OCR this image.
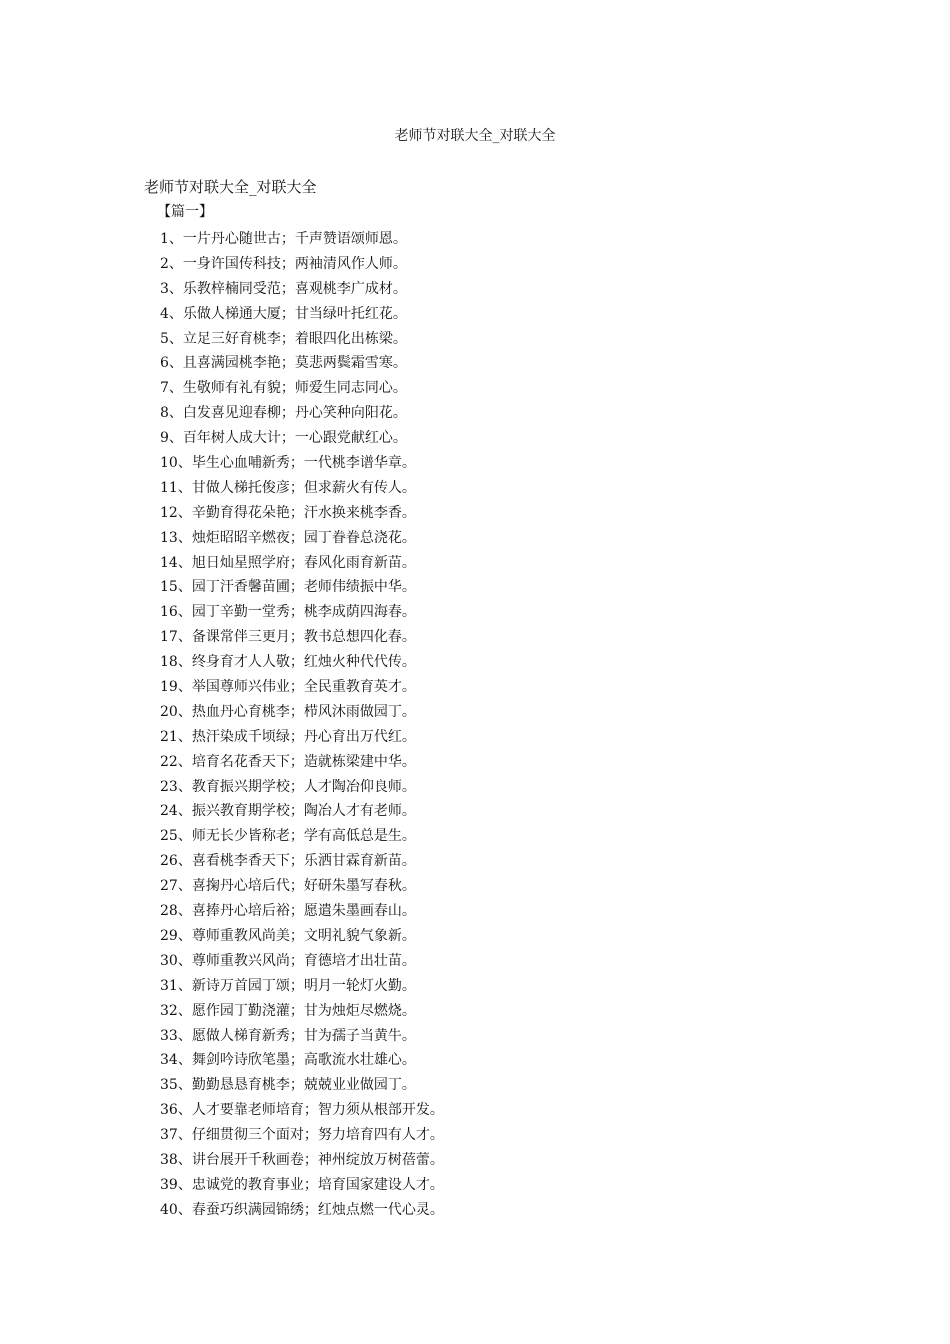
老师节对联大全_对联大全
老师节对联大全_对联大全
【篇一】
1、一片丹心随世古；千声赞语颂师恩。
2、一身许国传科技；两袖清风作人师。
3、乐教梓楠同受范；喜观桃李广成材。
4、乐做人梯通大厦；甘当绿叶托红花。
5、立足三好育桃李；着眼四化出栋梁。
6、且喜满园桃李艳；莫悲两鬓霜雪寒。
7、生敬师有礼有貌；师爱生同志同心。
8、白发喜见迎春柳；丹心笑种向阳花。
9、百年树人成大计；一心跟党献红心。
10、毕生心血哺新秀；一代桃李谱华章。
11、甘做人梯托俊彦；但求薪火有传人。
12、辛勤育得花朵艳；汗水换来桃李香。
13、烛炬昭昭辛燃夜；园丁眷眷总浇花。
14、旭日灿星照学府；春风化雨育新苗。
15、园丁汗香馨苗圃；老师伟绩振中华。
16、园丁辛勤一堂秀；桃李成荫四海春。
17、备课常伴三更月；教书总想四化春。
18、终身育才人人敬；红烛火种代代传。
19、举国尊师兴伟业；全民重教育英才。
20、热血丹心育桃李；栉风沐雨做园丁。
21、热汗染成千顷绿；丹心育出万代红。
22、培育名花香天下；造就栋梁建中华。
23、教育振兴期学校；人才陶冶仰良师。
24、振兴教育期学校；陶冶人才有老师。
25、师无长少皆称老；学有高低总是生。
26、喜看桃李香天下；乐洒甘霖育新苗。
27、喜掬丹心培后代；好研朱墨写春秋。
28、喜捧丹心培后裕；愿遣朱墨画春山。
29、尊师重教风尚美；文明礼貌气象新。
30、尊师重教兴风尚；育德培才出壮苗。
31、新诗万首园丁颂；明月一轮灯火勤。
32、愿作园丁勤浇灌；甘为烛炬尽燃烧。
33、愿做人梯育新秀；甘为孺子当黄牛。
34、舞剑吟诗欣笔墨；高歌流水壮雄心。
35、勤勤恳恳育桃李；兢兢业业做园丁。
36、人才要靠老师培育；智力须从根部开发。
37、仔细贯彻三个面对；努力培育四有人才。
38、讲台展开千秋画卷；神州绽放万树蓓蕾。
39、忠诚党的教育事业；培育国家建设人才。
40、春蚕巧织满园锦绣；红烛点燃一代心灵。
